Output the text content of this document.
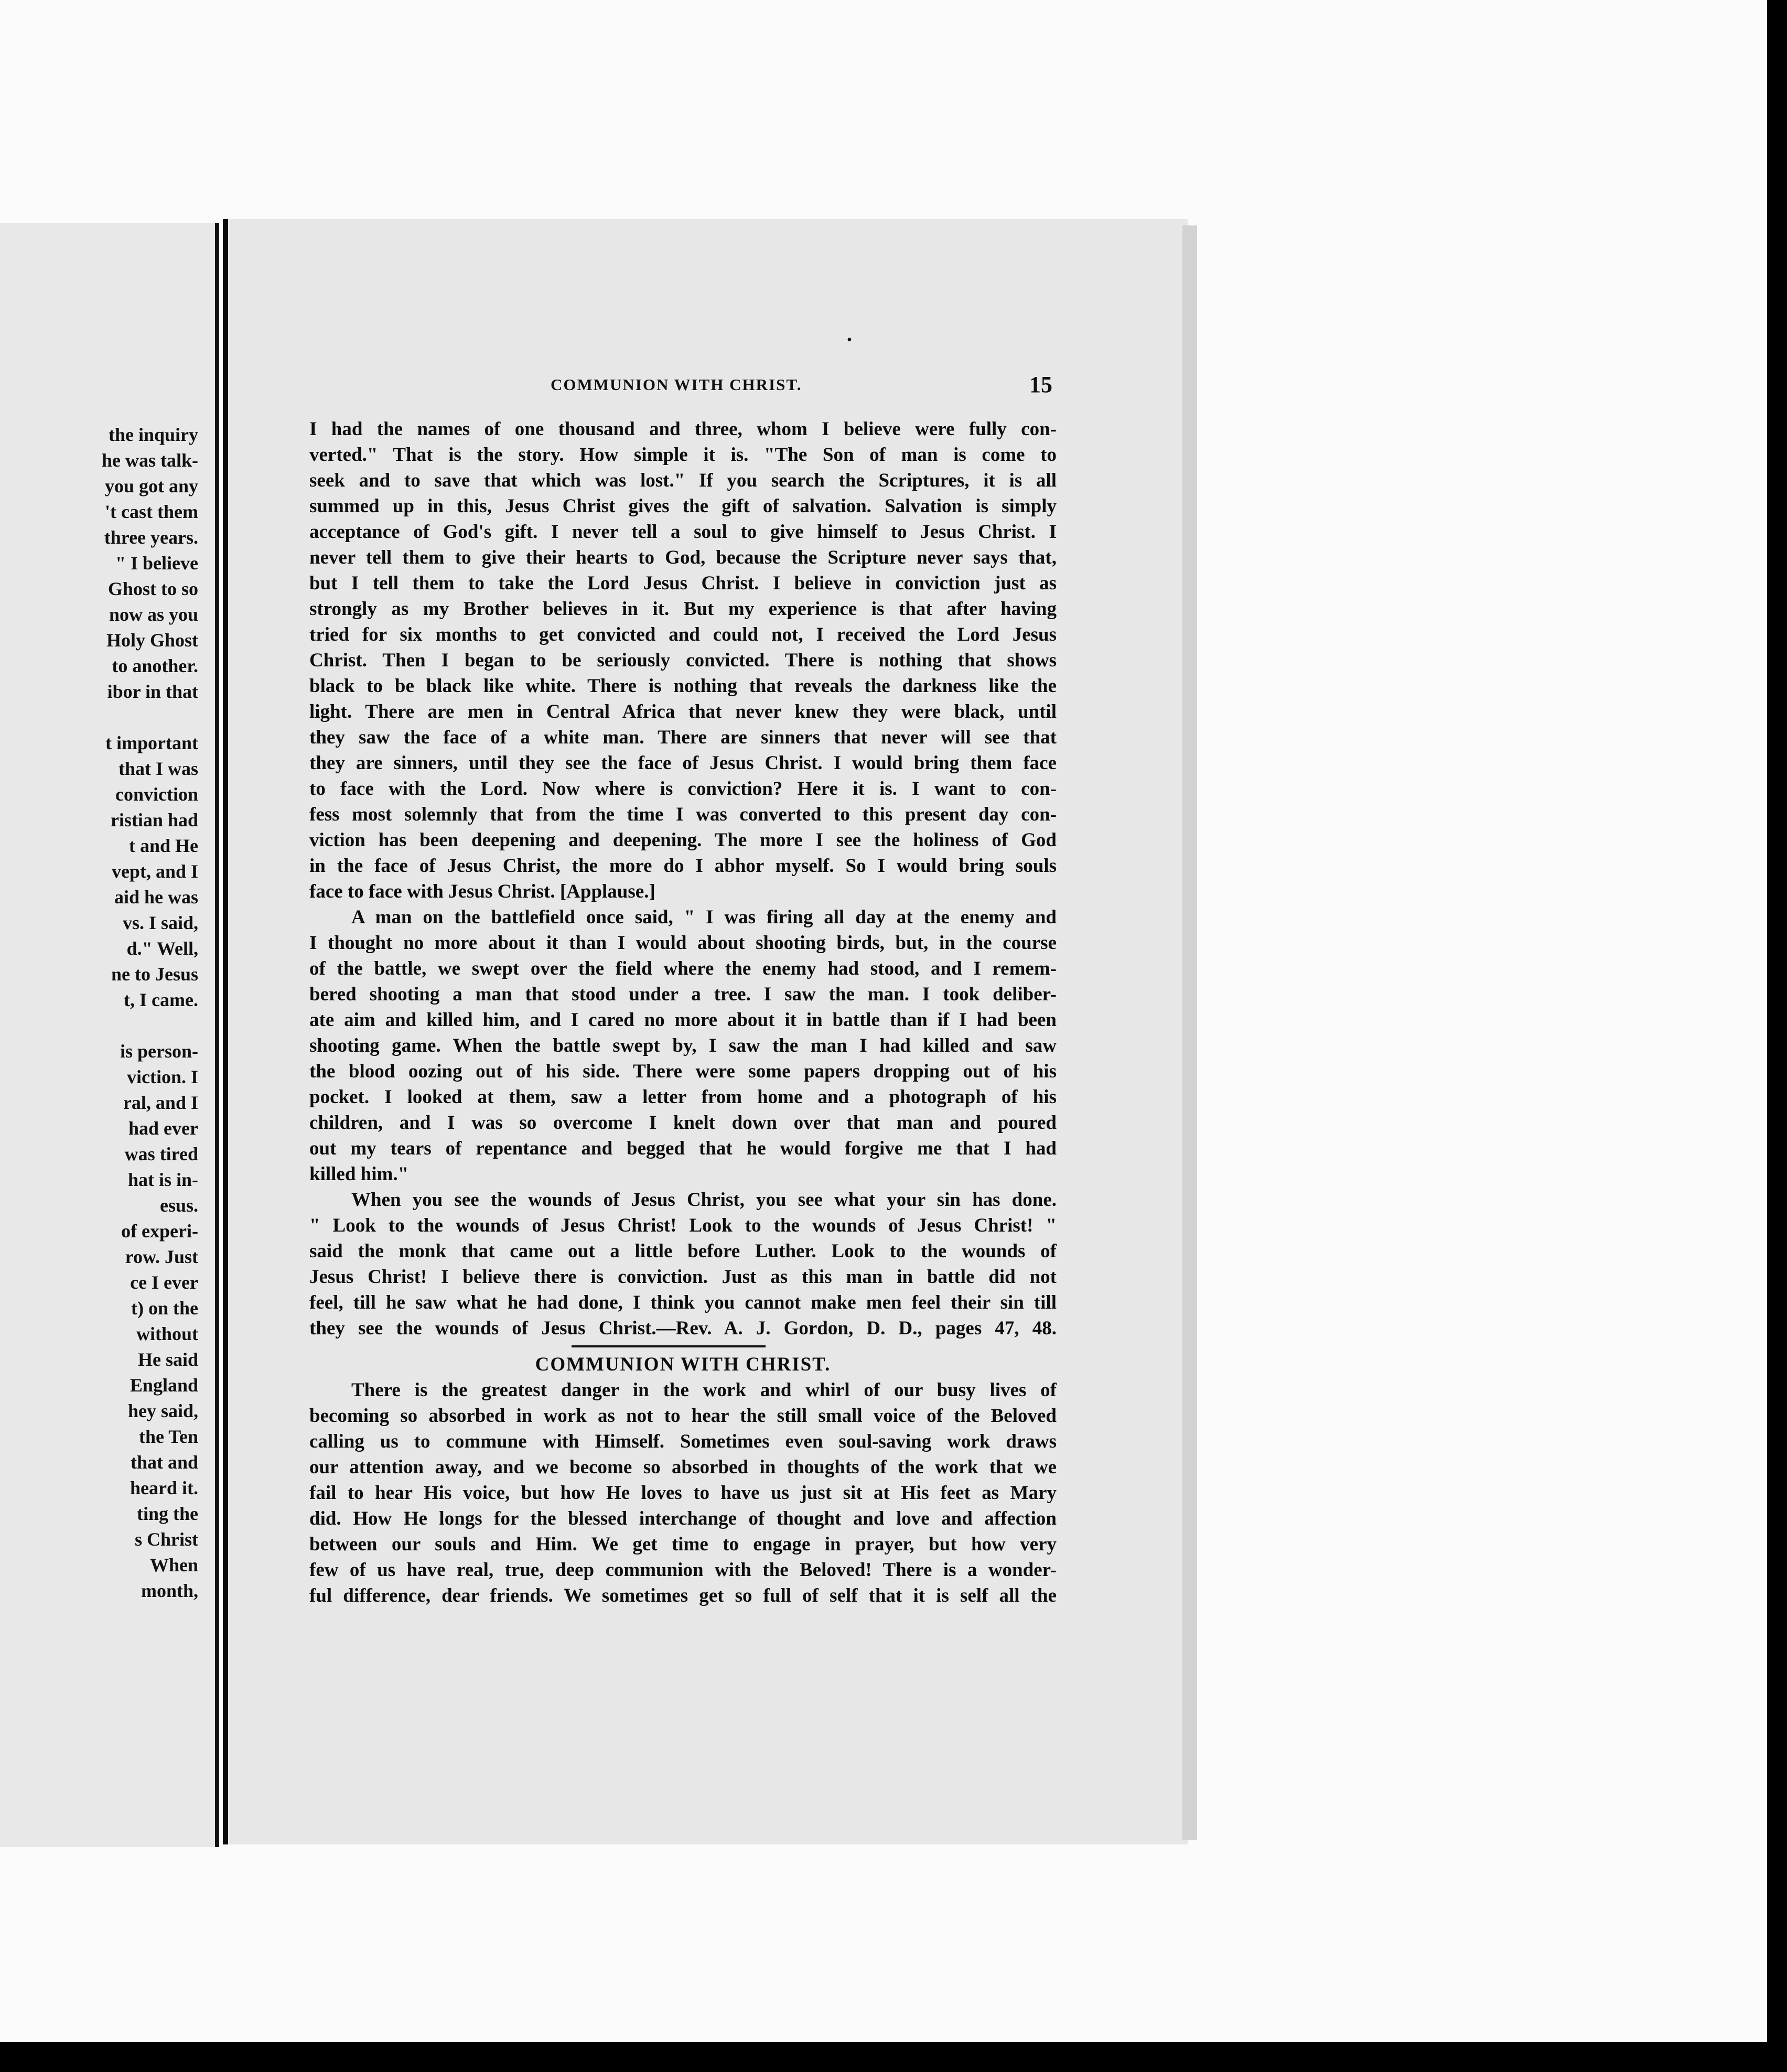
the inquiry
he was talk-
you got any
't cast them
three years.
" I believe
Ghost to so
now as you
Holy Ghost
to another.
ibor in that
t important
that I was
conviction
ristian had
t and He
vept, and I
aid he was
vs. I said,
d." Well,
ne to Jesus
t, I came.
is person-
viction. I
ral, and I
had ever
was tired
hat is in-
esus.
of experi-
row. Just
ce I ever
t) on the
without
He said
England
hey said,
the Ten
that and
heard it.
ting the
s Christ
When
month,
•
COMMUNION WITH CHRIST.	15
I had the names of one thousand and three, whom I believe were fully con-
verted." That is the story. How simple it is. "The Son of man is come to
seek and to save that which was lost." If you search the Scriptures, it is all
summed up in this, Jesus Christ gives the gift of salvation. Salvation is simply
acceptance of God's gift. I never tell a soul to give himself to Jesus Christ. I
never tell them to give their hearts to God, because the Scripture never says that,
but I tell them to take the Lord Jesus Christ. I believe in conviction just as
strongly as my Brother believes in it. But my experience is that after having
tried for six months to get convicted and could not, I received the Lord Jesus
Christ. Then I began to be seriously convicted. There is nothing that shows
black to be black like white. There is nothing that reveals the darkness like the
light. There are men in Central Africa that never knew they were black, until
they saw the face of a white man. There are sinners that never will see that
they are sinners, until they see the face of Jesus Christ. I would bring them face
to face with the Lord. Now where is conviction? Here it is. I want to con-
fess most solemnly that from the time I was converted to this present day con-
viction has been deepening and deepening. The more I see the holiness of God
in the face of Jesus Christ, the more do I abhor myself. So I would bring souls
face to face with Jesus Christ. [Applause.]
A man on the battlefield once said, " I was firing all day at the enemy and
I thought no more about it than I would about shooting birds, but, in the course
of the battle, we swept over the field where the enemy had stood, and I remem-
bered shooting a man that stood under a tree. I saw the man. I took deliber-
ate aim and killed him, and I cared no more about it in battle than if I had been
shooting game. When the battle swept by, I saw the man I had killed and saw
the blood oozing out of his side. There were some papers dropping out of his
pocket. I looked at them, saw a letter from home and a photograph of his
children, and I was so overcome I knelt down over that man and poured
out my tears of repentance and begged that he would forgive me that I had
killed him."
When you see the wounds of Jesus Christ, you see what your sin has done.
" Look to the wounds of Jesus Christ! Look to the wounds of Jesus Christ! "
said the monk that came out a little before Luther. Look to the wounds of
Jesus Christ! I believe there is conviction. Just as this man in battle did not
feel, till he saw what he had done, I think you cannot make men feel their sin till
they see the wounds of Jesus Christ.—Rev. A. J. Gordon, D. D., pages 47, 48.
COMMUNION WITH CHRIST.
There is the greatest danger in the work and whirl of our busy lives of
becoming so absorbed in work as not to hear the still small voice of the Beloved
calling us to commune with Himself. Sometimes even soul-saving work draws
our attention away, and we become so absorbed in thoughts of the work that we
fail to hear His voice, but how He loves to have us just sit at His feet as Mary
did. How He longs for the blessed interchange of thought and love and affection
between our souls and Him. We get time to engage in prayer, but how very
few of us have real, true, deep communion with the Beloved! There is a wonder-
ful difference, dear friends. We sometimes get so full of self that it is self all the
